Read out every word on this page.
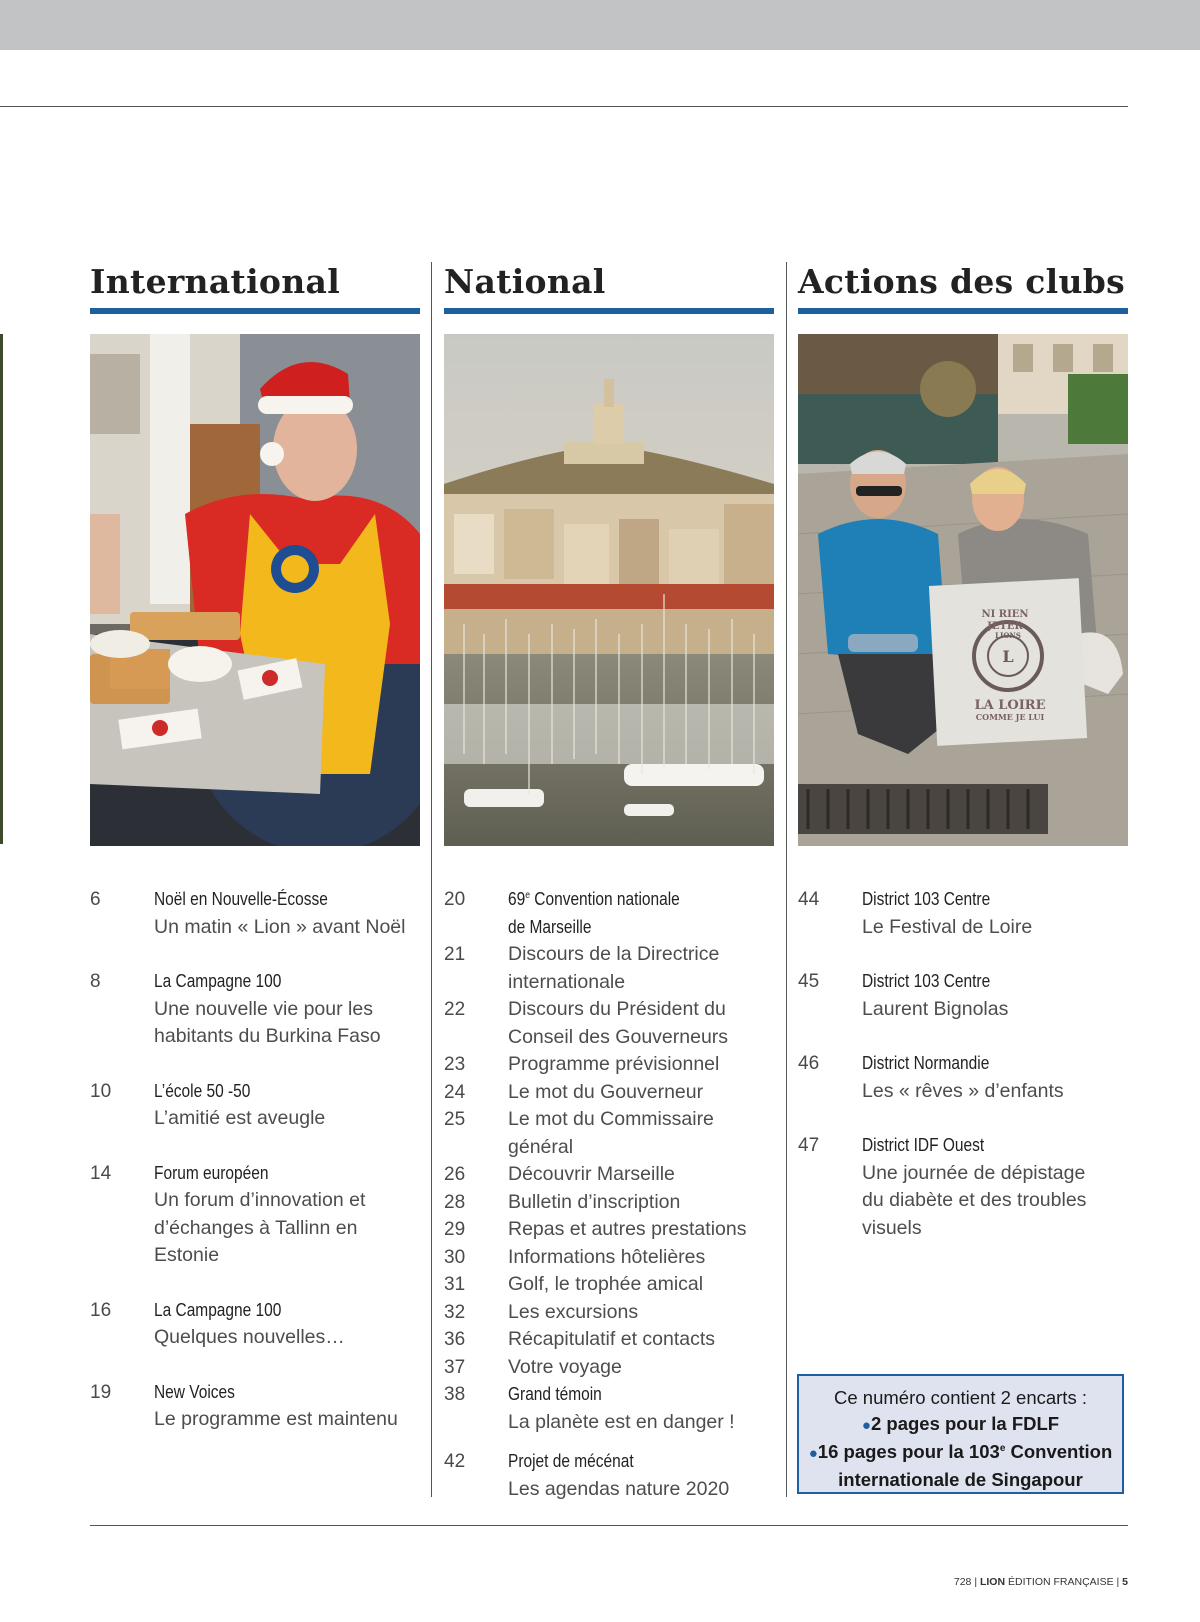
International
6	Noël en Nouvelle-Écosse
Un matin « Lion » avant Noël
8	La Campagne 100
Une nouvelle vie pour les
habitants du Burkina Faso
10 L’école 50 -50
L’amitié est aveugle
14 Forum européen
Un forum d’innovation et
d’échanges à Tallinn en Estonie
16 La Campagne 100
Quelques nouvelles…
19 New Voices
Le programme est maintenu
National
20 69e Convention nationale
de Marseille
21 Discours de la Directrice
internationale
22 Discours du Président du
Conseil des Gouverneurs
23 Programme prévisionnel
24 Le mot du Gouverneur
25 Le mot du Commissaire
général
26 Découvrir Marseille
28 Bulletin d’inscription
29 Repas et autres prestations
30 Informations hôtelières
31 Golf, le trophée amical
32 Les excursions
36 Récapitulatif et contacts
37 Votre voyage
38 Grand témoin
La planète est en danger !
42 Projet de mécénat
Les agendas nature 2020
Actions des clubs
L
NI RIEN
JETER
LIONS
LA LOIRE
COMME JE LUI
44 District 103 Centre
Le Festival de Loire
45 District 103 Centre
Laurent Bignolas
46 District Normandie
Les « rêves » d’enfants
47 District IDF Ouest
Une journée de dépistage
du diabète et des troubles
visuels
Ce numéro contient 2 encarts :
●2 pages pour la FDLF
●16 pages pour la 103e Convention
internationale de Singapour
728 | LION ÉDITION FRANÇAISE | 5
